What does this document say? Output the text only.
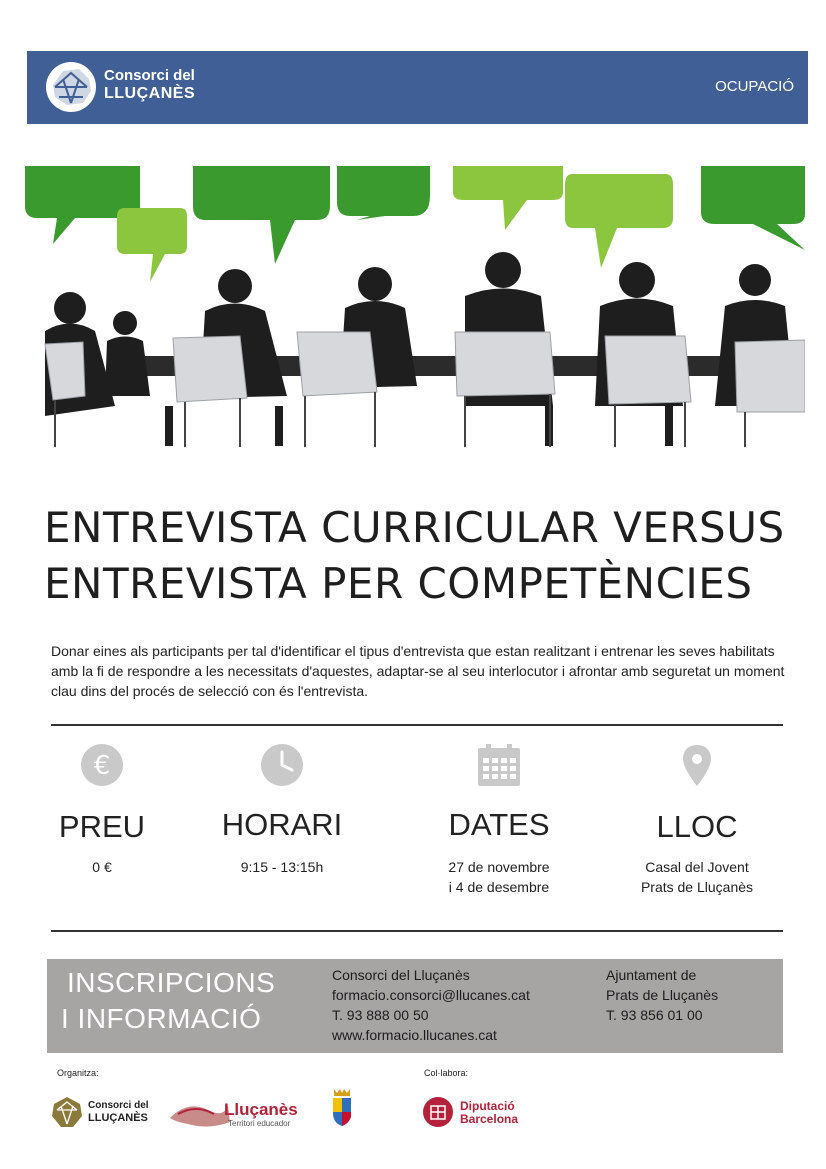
Consorci del
LLUÇANÈS	OCUPACIÓ
ENTREVISTA CURRICULAR VERSUS
ENTREVISTA PER COMPETÈNCIES
Donar eines als participants per tal d'identificar el tipus d'entrevista que estan realitzant i entrenar les seves habilitats amb la fi de respondre a les necessitats d'aquestes, adaptar-se al seu interlocutor i afrontar amb seguretat un moment clau dins del procés de selecció con és l'entrevista.
€
PREU
0 €
HORARI
9:15 - 13:15h
DATES
27 de novembre
i 4 de desembre
LLOC
Casal del Jovent
Prats de Lluçanès
INSCRIPCIONS
I INFORMACIÓ
Consorci del Lluçanès
formacio.consorci@llucanes.cat
T. 93 888 00 50
www.formacio.llucanes.cat
Ajuntament de
Prats de Lluçanès
T. 93 856 01 00
Organitza:	Col·labora:
Consorci del
LLUÇANÈS	Lluçanès
Territori educador
Diputació
Barcelona
